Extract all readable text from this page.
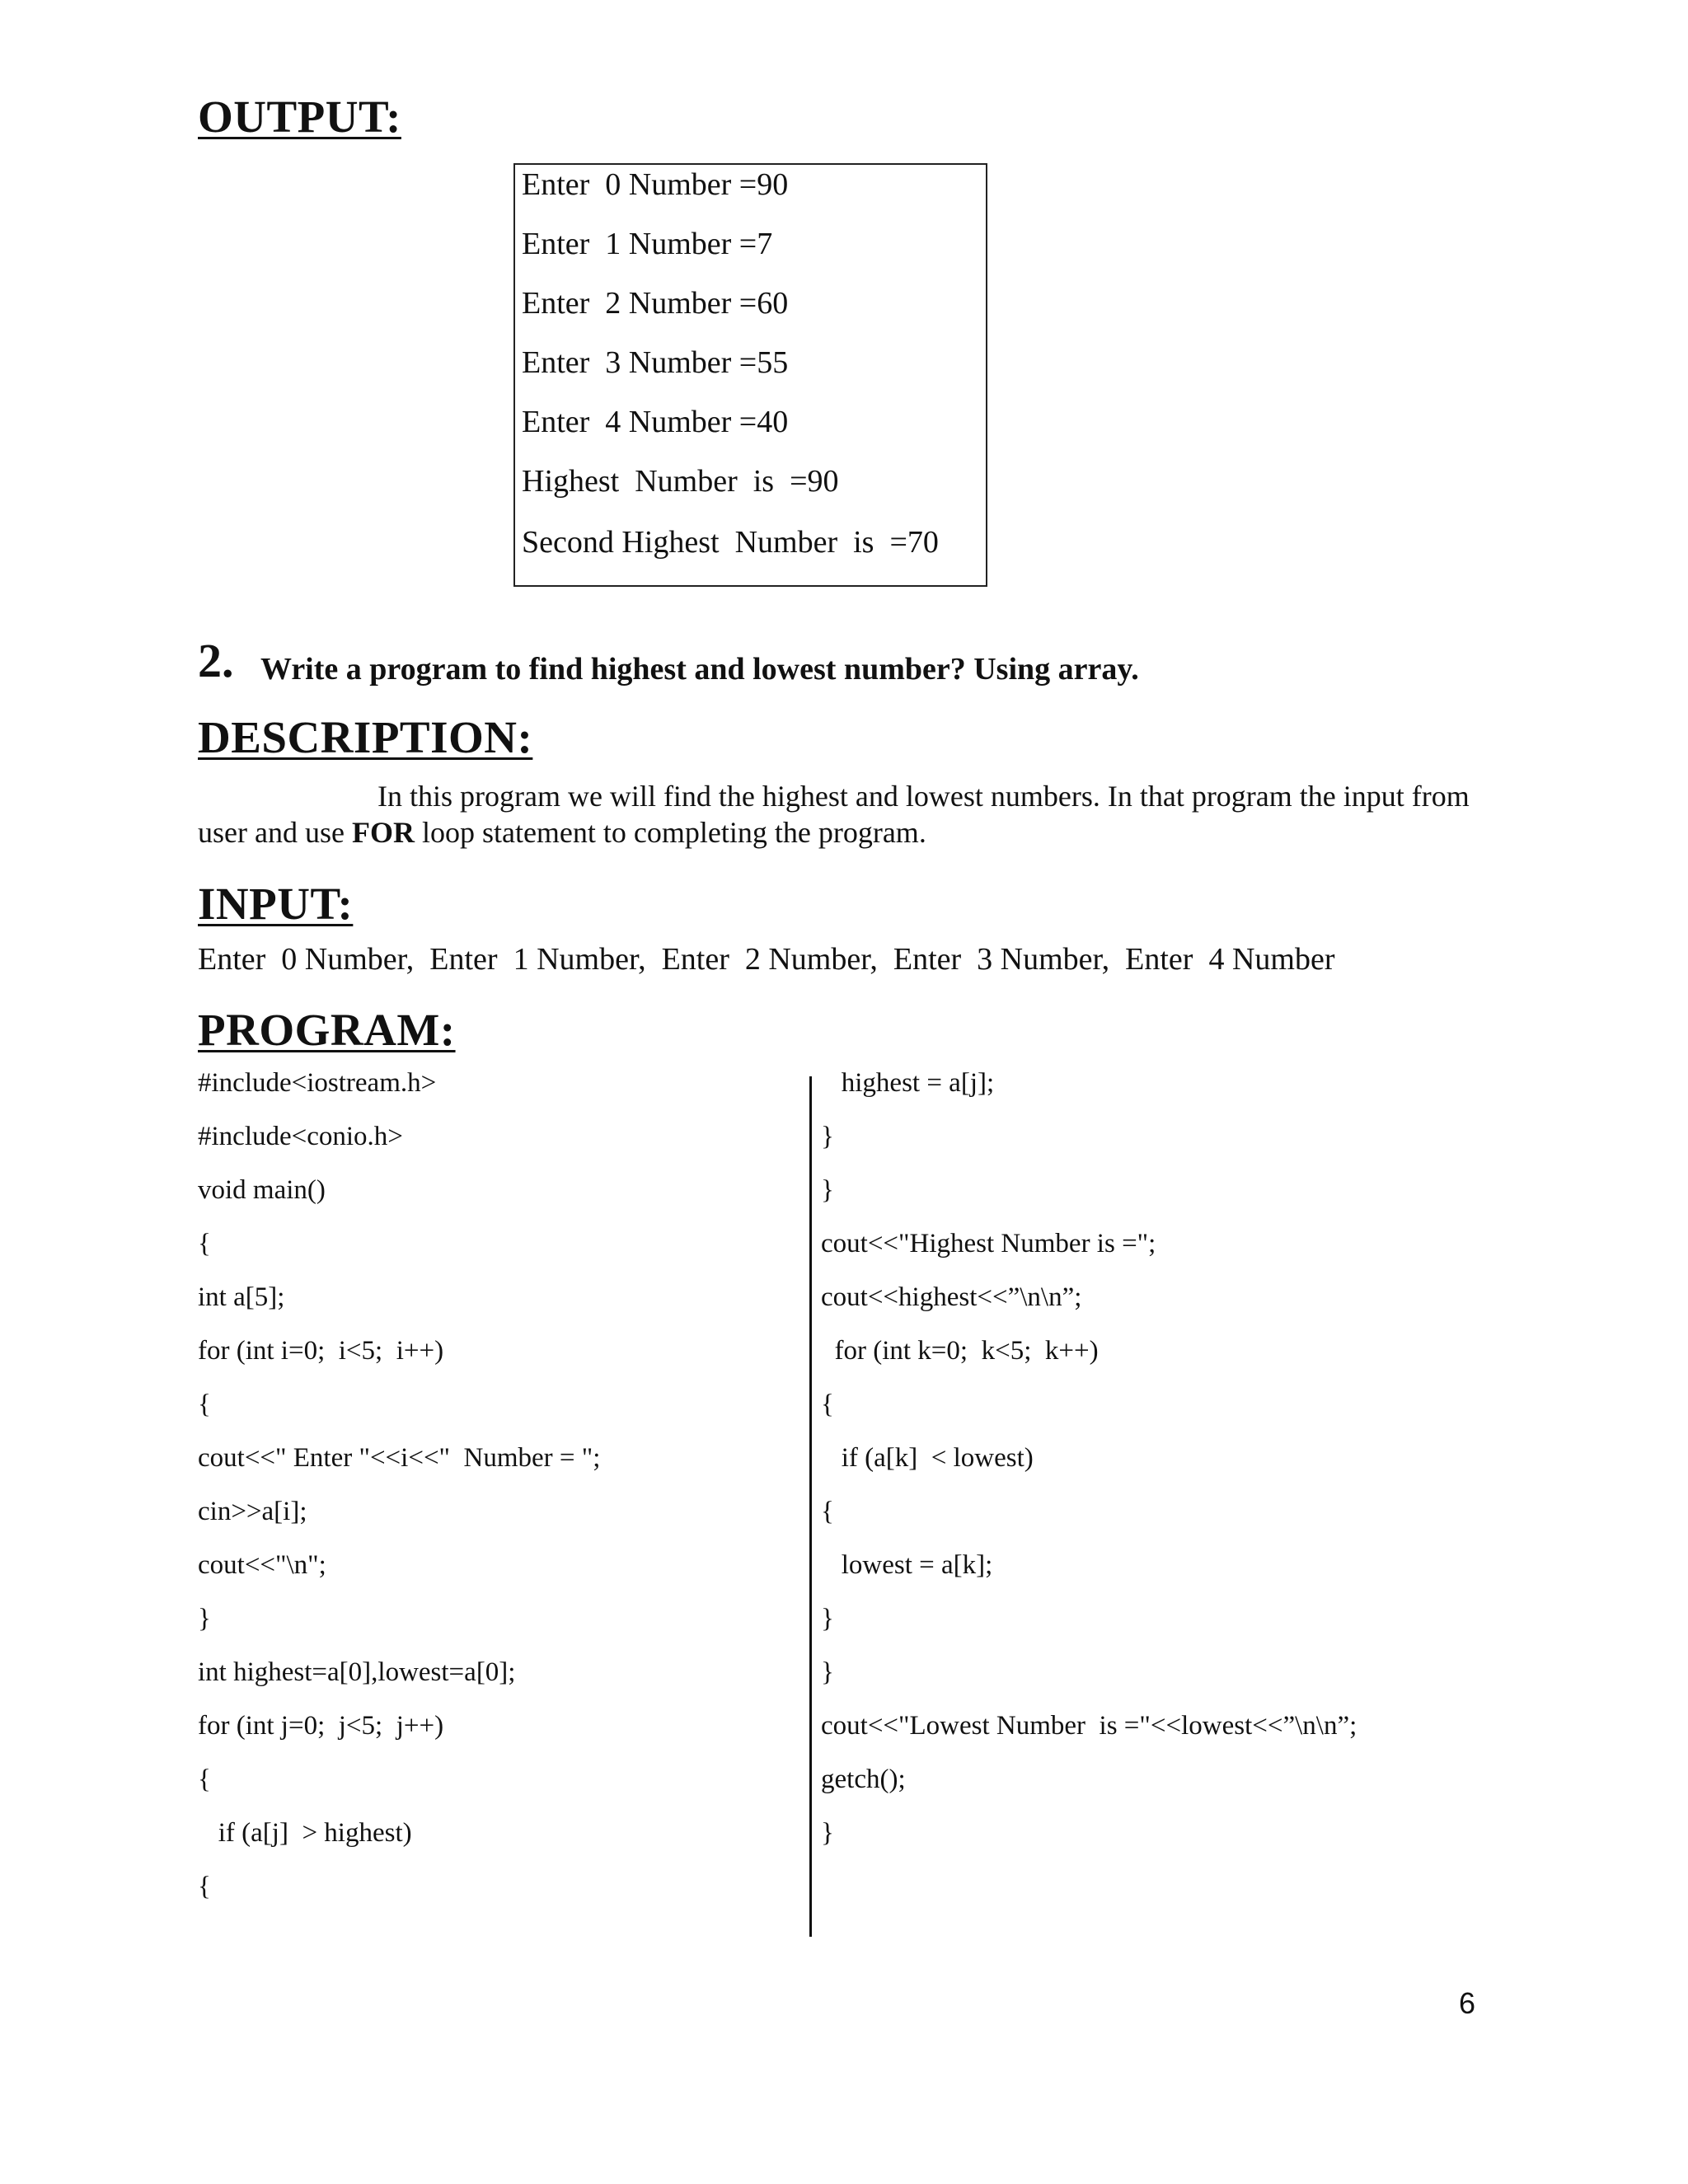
OUTPUT:
Enter  0 Number =90
Enter  1 Number =7
Enter  2 Number =60
Enter  3 Number =55
Enter  4 Number =40
Highest  Number  is  =90
Second Highest  Number  is  =70
2. Write a program to find highest and lowest number? Using array.
DESCRIPTION:
In this program we will find the highest and lowest numbers. In that program the input from
user and use FOR loop statement to completing the program.
INPUT:
Enter  0 Number,  Enter  1 Number,  Enter  2 Number,  Enter  3 Number,  Enter  4 Number
PROGRAM:
#include<iostream.h>
#include<conio.h>
void main()
{
int a[5];
for (int i=0;  i<5;  i++)
{
cout<<" Enter "<<i<<"  Number = ";
cin>>a[i];
cout<<"\n";
}
int highest=a[0],lowest=a[0];
for (int j=0;  j<5;  j++)
{
if (a[j]  > highest)
{
highest = a[j];
}
}
cout<<"Highest Number is =";
cout<<highest<<”\n\n”;
for (int k=0;  k<5;  k++)
{
if (a[k]  < lowest)
{
lowest = a[k];
}
}
cout<<"Lowest Number  is ="<<lowest<<”\n\n”;
getch();
}
6
